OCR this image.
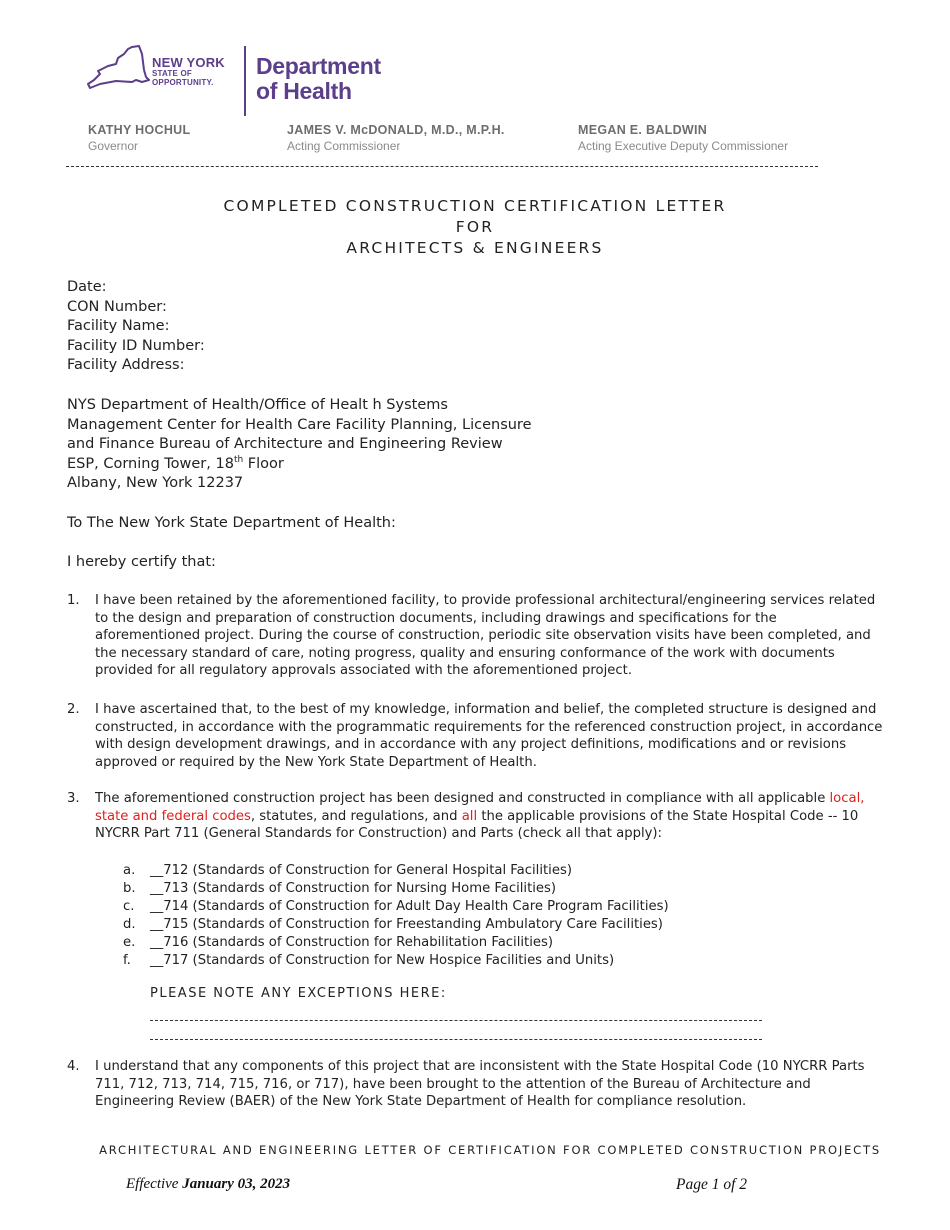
NEW YORK
STATE OF
OPPORTUNITY.
Department
of Health
KATHY HOCHUL
Governor
JAMES V. McDONALD, M.D., M.P.H.
Acting Commissioner
MEGAN E. BALDWIN
Acting Executive Deputy Commissioner
COMPLETED CONSTRUCTION CERTIFICATION LETTER
FOR
ARCHITECTS & ENGINEERS
Date:
CON Number:
Facility Name:
Facility ID Number:
Facility Address:
NYS Department of Health/Office of Healt h Systems
Management Center for Health Care Facility Planning, Licensure
and Finance Bureau of Architecture and Engineering Review
ESP, Corning Tower, 18th Floor
Albany, New York 12237
To The New York State Department of Health:
I hereby certify that:
1. I have been retained by the aforementioned facility, to provide professional architectural/engineering services related to the design and preparation of construction documents, including drawings and specifications for the aforementioned project. During the course of construction, periodic site observation visits have been completed, and the necessary standard of care, noting progress, quality and ensuring conformance of the work with documents provided for all regulatory approvals associated with the aforementioned project.
2. I have ascertained that, to the best of my knowledge, information and belief, the completed structure is designed and constructed, in accordance with the programmatic requirements for the referenced construction project, in accordance with design development drawings, and in accordance with any project definitions, modifications and or revisions approved or required by the New York State Department of Health.
3. The aforementioned construction project has been designed and constructed in compliance with all applicable local, state and federal codes, statutes, and regulations, and all the applicable provisions of the State Hospital Code -- 10 NYCRR Part 711 (General Standards for Construction) and Parts (check all that apply):
a. __712 (Standards of Construction for General Hospital Facilities)
b. __713 (Standards of Construction for Nursing Home Facilities)
c. __714 (Standards of Construction for Adult Day Health Care Program Facilities)
d. __715 (Standards of Construction for Freestanding Ambulatory Care Facilities)
e. __716 (Standards of Construction for Rehabilitation Facilities)
f. __717 (Standards of Construction for New Hospice Facilities and Units)
PLEASE NOTE ANY EXCEPTIONS HERE:
4. I understand that any components of this project that are inconsistent with the State Hospital Code (10 NYCRR Parts 711, 712, 713, 714, 715, 716, or 717), have been brought to the attention of the Bureau of Architecture and Engineering Review (BAER) of the New York State Department of Health for compliance resolution.
ARCHITECTURAL AND ENGINEERING LETTER OF CERTIFICATION FOR COMPLETED CONSTRUCTION PROJECTS
Effective January 03, 2023	Page 1 of 2
